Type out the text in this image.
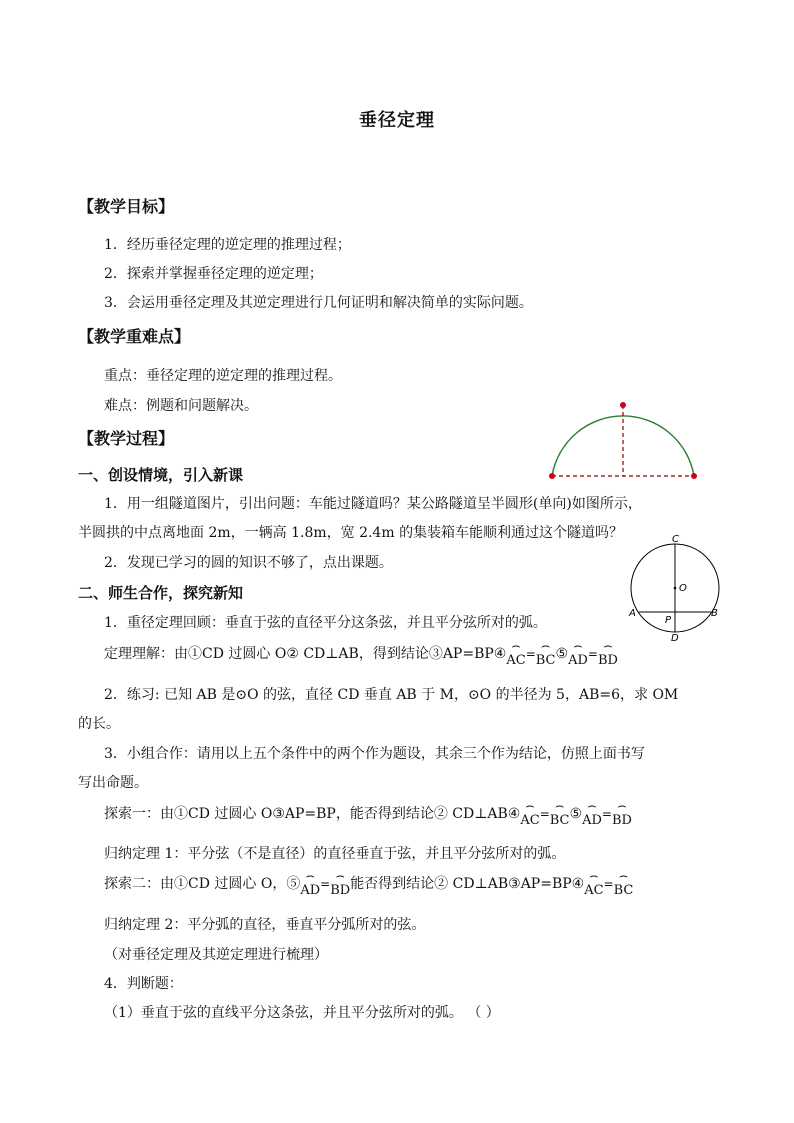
垂径定理
【教学目标】
1．经历垂径定理的逆定理的推理过程；
2．探索并掌握垂径定理的逆定理；
3．会运用垂径定理及其逆定理进行几何证明和解决简单的实际问题。
【教学重难点】
重点：垂径定理的逆定理的推理过程。
难点：例题和问题解决。
【教学过程】
一、创设情境，引入新课
1．用一组隧道图片，引出问题：车能过隧道吗？某公路隧道呈半圆形(单向)如图所示，
半圆拱的中点离地面 2m，一辆高 1.8m，宽 2.4m 的集装箱车能顺利通过这个隧道吗？
2．发现已学习的圆的知识不够了，点出课题。
C
O
A
P
B
D
二、师生合作，探究新知
1．重径定理回顾：垂直于弦的直径平分这条弦，并且平分弦所对的弧。
定理理解：由①CD 过圆心 O② CD⊥AB，得到结论③AP=BP④⌢ AC=⌢ BC⑤⌢ AD=⌢ BD
2．练习: 已知 AB 是⊙O 的弦，直径 CD 垂直 AB 于 M，⊙O 的半径为 5，AB=6，求 OM
的长。
3．小组合作：请用以上五个条件中的两个作为题设，其余三个作为结论，仿照上面书写
写出命题。
探索一：由①CD 过圆心 O③AP=BP，能否得到结论② CD⊥AB④⌢ AC=⌢ BC⑤⌢ AD=⌢ BD
归纳定理 1：平分弦（不是直径）的直径垂直于弦，并且平分弦所对的弧。
探索二：由①CD 过圆心 O，⑤⌢ AD=⌢ BD能否得到结论② CD⊥AB③AP=BP④⌢ AC=⌢ BC
归纳定理 2：平分弧的直径，垂直平分弧所对的弦。
（对垂径定理及其逆定理进行梳理）
4．判断题：
（1）垂直于弦的直线平分这条弦，并且平分弦所对的弧。 （ ）
